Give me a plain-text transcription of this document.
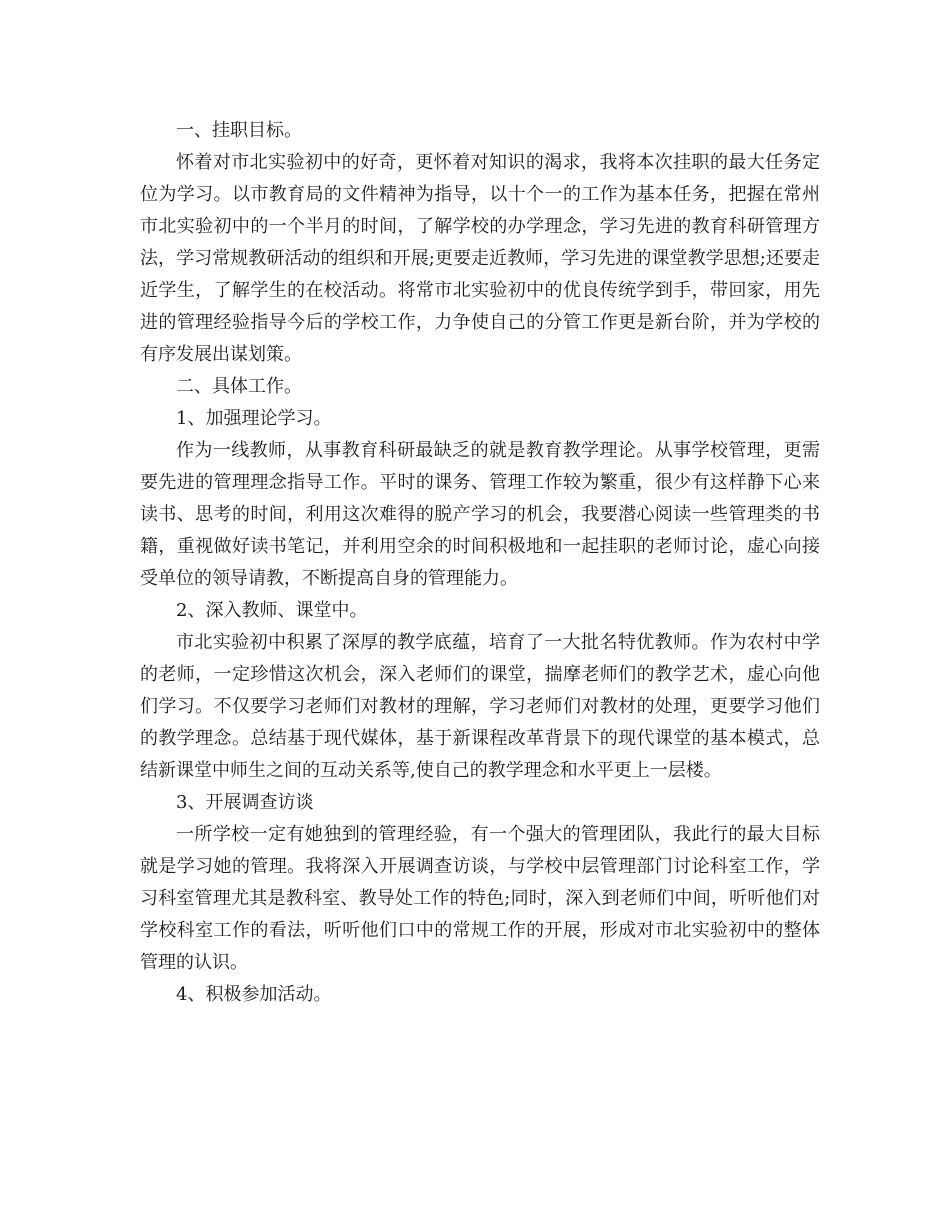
一、挂职目标。

怀着对市北实验初中的好奇，更怀着对知识的渴求，我将本次挂职的最大任务定位为学习。以市教育局的文件精神为指导，以十个一的工作为基本任务，把握在常州市北实验初中的一个半月的时间，了解学校的办学理念，学习先进的教育科研管理方法，学习常规教研活动的组织和开展;更要走近教师，学习先进的课堂教学思想;还要走近学生，了解学生的在校活动。将常市北实验初中的优良传统学到手，带回家，用先进的管理经验指导今后的学校工作，力争使自己的分管工作更是新台阶，并为学校的有序发展出谋划策。

二、具体工作。

1、加强理论学习。

作为一线教师，从事教育科研最缺乏的就是教育教学理论。从事学校管理，更需要先进的管理理念指导工作。平时的课务、管理工作较为繁重，很少有这样静下心来读书、思考的时间，利用这次难得的脱产学习的机会，我要潜心阅读一些管理类的书籍，重视做好读书笔记，并利用空余的时间积极地和一起挂职的老师讨论，虚心向接受单位的领导请教，不断提高自身的管理能力。

2、深入教师、课堂中。

市北实验初中积累了深厚的教学底蕴，培育了一大批名特优教师。作为农村中学的老师，一定珍惜这次机会，深入老师们的课堂，揣摩老师们的教学艺术，虚心向他们学习。不仅要学习老师们对教材的理解，学习老师们对教材的处理，更要学习他们的教学理念。总结基于现代媒体，基于新课程改革背景下的现代课堂的基本模式，总结新课堂中师生之间的互动关系等,使自己的教学理念和水平更上一层楼。

3、开展调查访谈

一所学校一定有她独到的管理经验，有一个强大的管理团队，我此行的最大目标就是学习她的管理。我将深入开展调查访谈，与学校中层管理部门讨论科室工作，学习科室管理尤其是教科室、教导处工作的特色;同时，深入到老师们中间，听听他们对学校科室工作的看法，听听他们口中的常规工作的开展，形成对市北实验初中的整体管理的认识。

4、积极参加活动。
